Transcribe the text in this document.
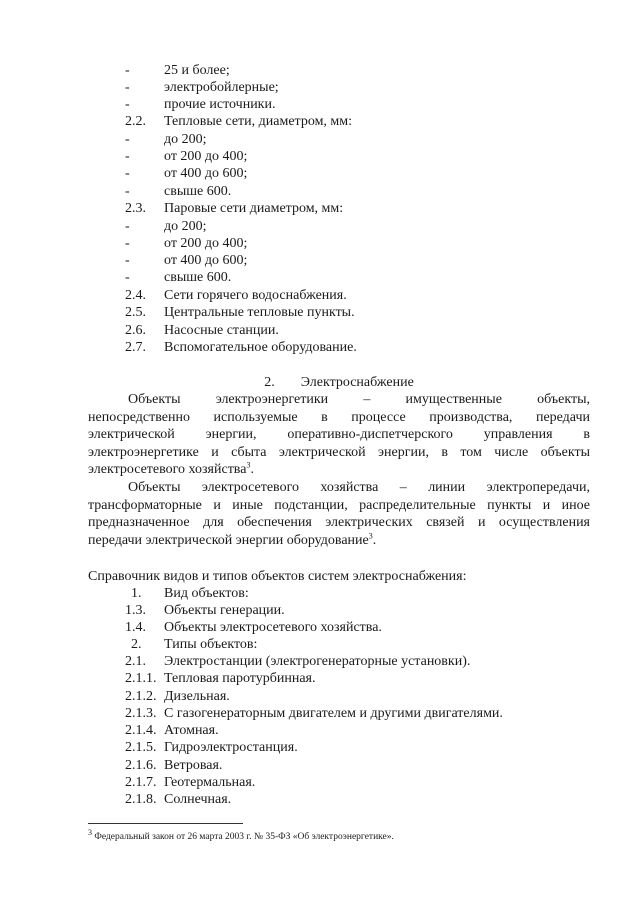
- 25 и более;
- электробойлерные;
- прочие источники.
2.2. Тепловые сети, диаметром, мм:
- до 200;
- от 200 до 400;
- от 400 до 600;
- свыше 600.
2.3. Паровые сети диаметром, мм:
- до 200;
- от 200 до 400;
- от 400 до 600;
- свыше 600.
2.4. Сети горячего водоснабжения.
2.5. Центральные тепловые пункты.
2.6. Насосные станции.
2.7. Вспомогательное оборудование.
2. Электроснабжение
Объекты электроэнергетики – имущественные объекты,
непосредственно используемые в процессе производства, передачи
электрической энергии, оперативно-диспетчерского управления в
электроэнергетике и сбыта электрической энергии, в том числе объекты
электросетевого хозяйства$^3$.
Объекты электросетевого хозяйства – линии электропередачи,
трансформаторные и иные подстанции, распределительные пункты и иное
предназначенное для обеспечения электрических связей и осуществления
передачи электрической энергии оборудование$^3$.
Справочник видов и типов объектов систем электроснабжения:
1. Вид объектов:
1.3. Объекты генерации.
1.4. Объекты электросетевого хозяйства.
2. Типы объектов:
2.1. Электростанции (электрогенераторные установки).
2.1.1. Тепловая паротурбинная.
2.1.2. Дизельная.
2.1.3. С газогенераторным двигателем и другими двигателями.
2.1.4. Атомная.
2.1.5. Гидроэлектростанция.
2.1.6. Ветровая.
2.1.7. Геотермальная.
2.1.8. Солнечная.
$^3$ Федеральный закон от 26 марта 2003 г. № 35-ФЗ «Об электроэнергетике».
